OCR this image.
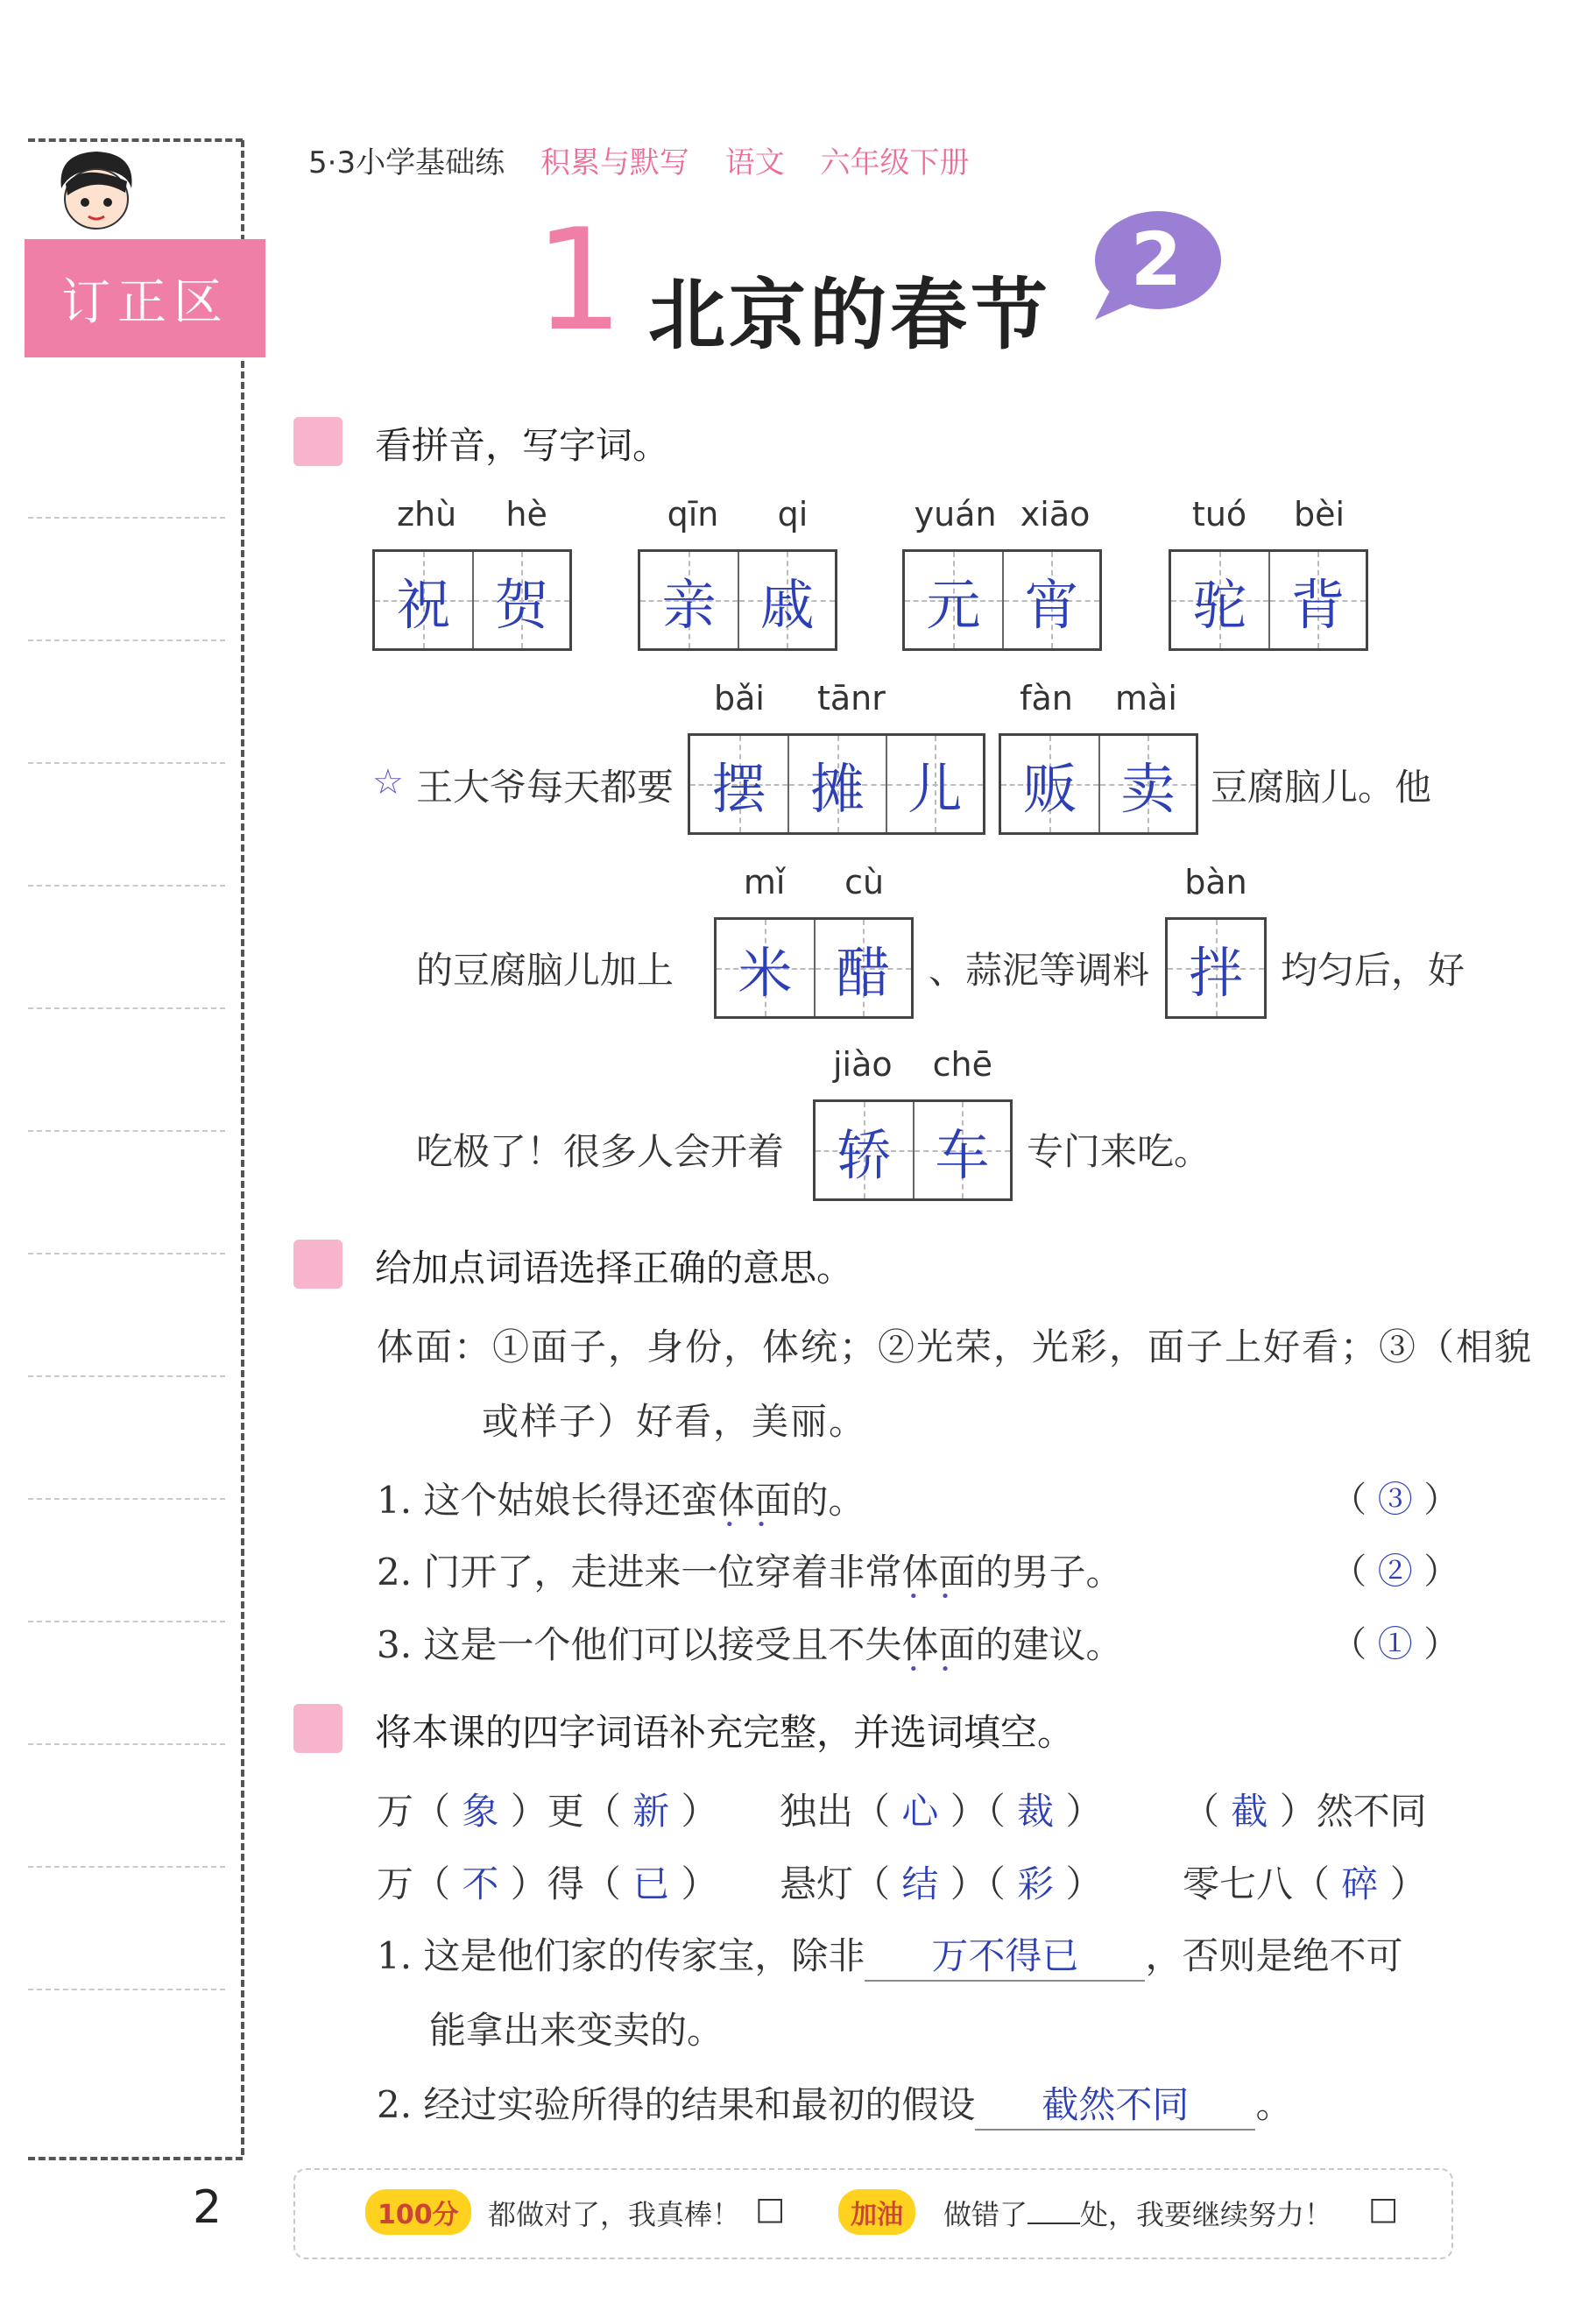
订正区
5·3小学基础练 积累与默写 语文 六年级下册
1 北京的春节
2
看拼音，写字词。
zhù hè
祝 贺
qīn qi
亲 戚
yuán xiāo
元 宵
tuó bèi
驼 背
☆ 王大爷每天都要
bǎi tānr
摆 摊 儿
fàn mài
贩 卖 豆腐脑儿。他
的豆腐脑儿加上
mǐ cù
米 醋 、蒜泥等调料
bàn
拌 均匀后，好
吃极了！很多人会开着
jiào chē
轿 车 专门来吃。
给加点词语选择正确的意思。
体面：①面子，身份，体统；②光荣，光彩，面子上好看；③（相貌
或样子）好看，美丽。
1. 这个姑娘长得还蛮体面 • •的。	（ ③ ）
2. 门开了，走进来一位穿着非常体面 • •的男子。	（ ② ）
3. 这是一个他们可以接受且不失体面 • •的建议。	（ ① ）
将本课的四字词语补充完整，并选词填空。
万（ 象 ）更（ 新 ） 独出（ 心 ）（ 裁 ） （ 截 ）然不同
万（ 不 ）得（ 已 ） 悬灯（ 结 ）（ 彩 ） 零七八（ 碎 ）
1. 这是他们家的传家宝，除非 万不得已 ，否则是绝不可
能拿出来变卖的。
2. 经过实验所得的结果和最初的假设 截然不同 。
2	100分	都做对了，我真棒！ □	加油	做错了 处，我要继续努力！ □
